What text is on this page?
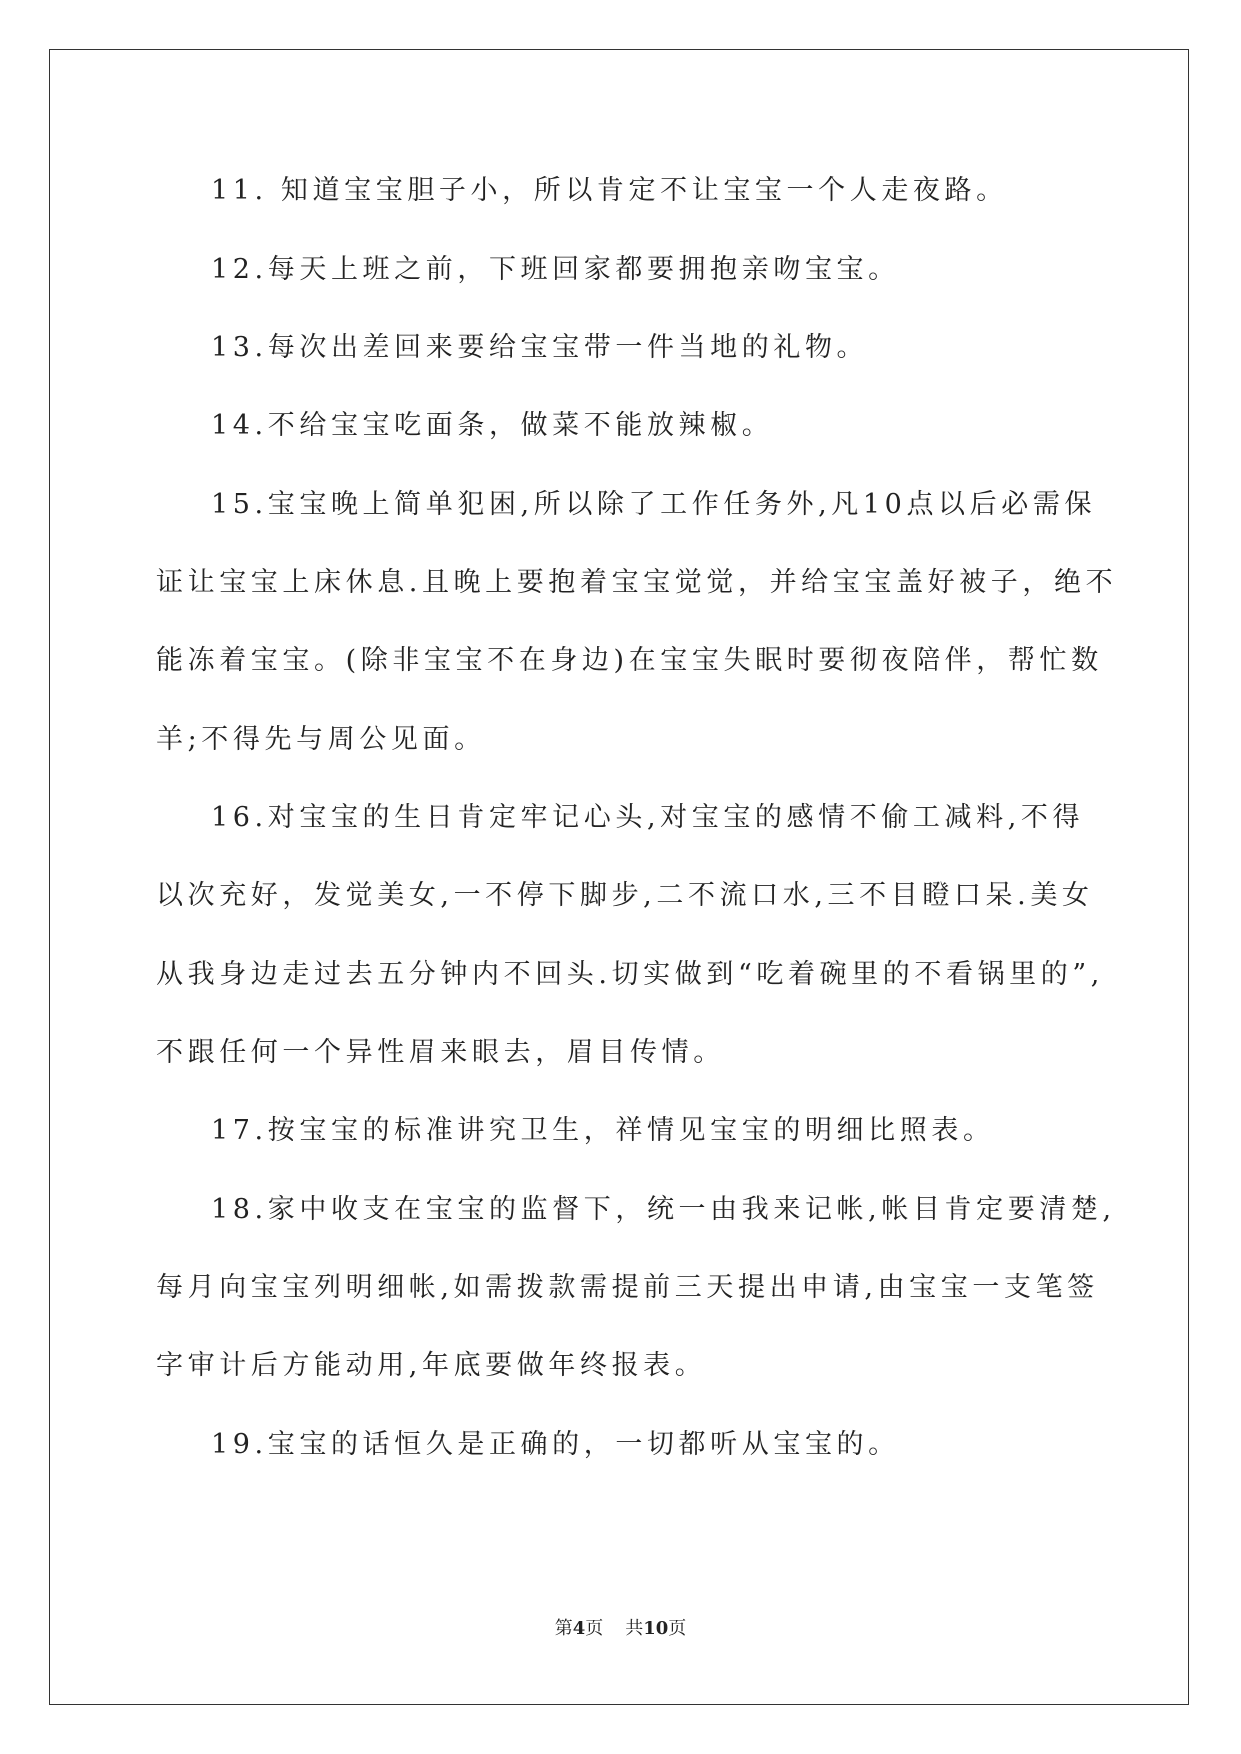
11. 知道宝宝胆子小，所以肯定不让宝宝一个人走夜路。
12.每天上班之前，下班回家都要拥抱亲吻宝宝。
13.每次出差回来要给宝宝带一件当地的礼物。
14.不给宝宝吃面条，做菜不能放辣椒。
15.宝宝晚上简单犯困,所以除了工作任务外,凡10点以后必需保
证让宝宝上床休息.且晚上要抱着宝宝觉觉，并给宝宝盖好被子，绝不
能冻着宝宝。(除非宝宝不在身边)在宝宝失眠时要彻夜陪伴，帮忙数
羊;不得先与周公见面。
16.对宝宝的生日肯定牢记心头,对宝宝的感情不偷工减料,不得
以次充好，发觉美女,一不停下脚步,二不流口水,三不目瞪口呆.美女
从我身边走过去五分钟内不回头.切实做到“吃着碗里的不看锅里的”,
不跟任何一个异性眉来眼去，眉目传情。
17.按宝宝的标准讲究卫生，祥情见宝宝的明细比照表。
18.家中收支在宝宝的监督下，统一由我来记帐,帐目肯定要清楚,
每月向宝宝列明细帐,如需拨款需提前三天提出申请,由宝宝一支笔签
字审计后方能动用,年底要做年终报表。
19.宝宝的话恒久是正确的，一切都听从宝宝的。
第4页 共10页
